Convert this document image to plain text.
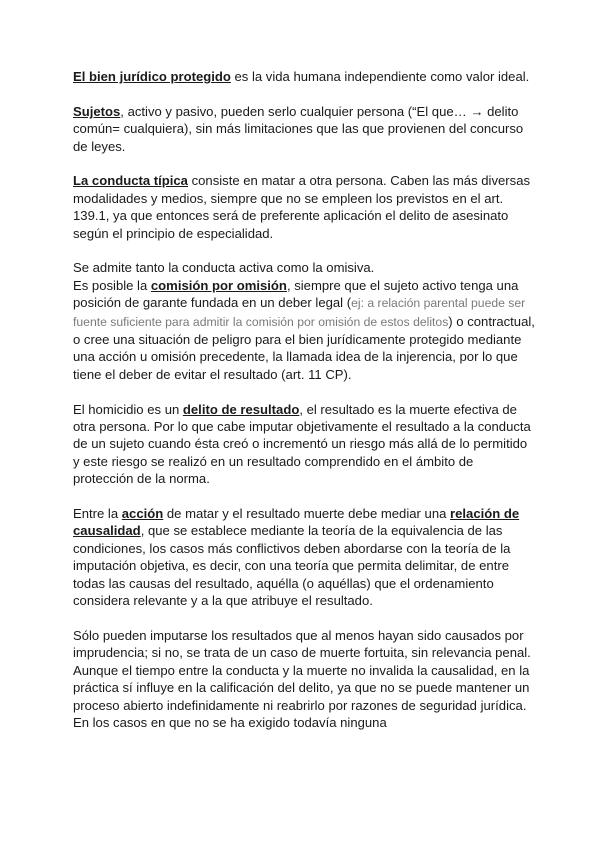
El bien jurídico protegido es la vida humana independiente como valor ideal.

Sujetos, activo y pasivo, pueden serlo cualquier persona (“El que… → delito común= cualquiera), sin más limitaciones que las que provienen del concurso de leyes.

La conducta típica consiste en matar a otra persona. Caben las más diversas modalidades y medios, siempre que no se empleen los previstos en el art. 139.1, ya que entonces será de preferente aplicación el delito de asesinato según el principio de especialidad.

Se admite tanto la conducta activa como la omisiva.

Es posible la comisión por omisión, siempre que el sujeto activo tenga una posición de garante fundada en un deber legal (ej: a relación parental puede ser fuente suficiente para admitir la comisión por omisión de estos delitos) o contractual, o cree una situación de peligro para el bien jurídicamente protegido mediante una acción u omisión precedente, la llamada idea de la injerencia, por lo que tiene el deber de evitar el resultado (art. 11 CP).

El homicidio es un delito de resultado, el resultado es la muerte efectiva de otra persona. Por lo que cabe imputar objetivamente el resultado a la conducta de un sujeto cuando ésta creó o incrementó un riesgo más allá de lo permitido y este riesgo se realizó en un resultado comprendido en el ámbito de protección de la norma.

Entre la acción de matar y el resultado muerte debe mediar una relación de causalidad, que se establece mediante la teoría de la equivalencia de las condiciones, los casos más conflictivos deben abordarse con la teoría de la imputación objetiva, es decir, con una teoría que permita delimitar, de entre todas las causas del resultado, aquélla (o aquéllas) que el ordenamiento considera relevante y a la que atribuye el resultado.

Sólo pueden imputarse los resultados que al menos hayan sido causados por imprudencia; si no, se trata de un caso de muerte fortuita, sin relevancia penal. Aunque el tiempo entre la conducta y la muerte no invalida la causalidad, en la práctica sí influye en la calificación del delito, ya que no se puede mantener un proceso abierto indefinidamente ni reabrirlo por razones de seguridad jurídica. En los casos en que no se ha exigido todavía ninguna
